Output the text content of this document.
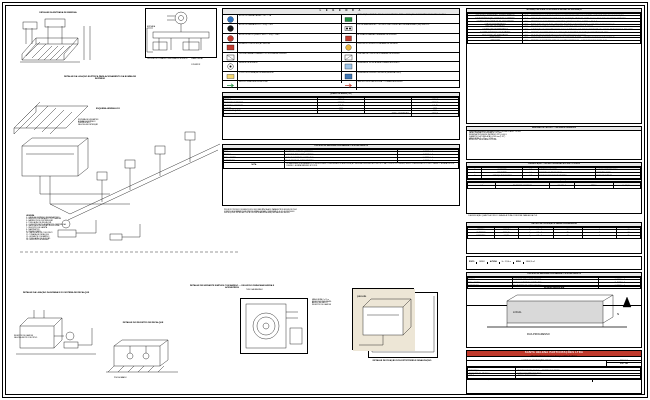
DETALHE DA ENTRADA DE ENERGIA
ENTRADA
CHAVE GERAL
CONTATOR
CENTRAL DE COMANDO DA BOMBA DE INCÊNDIO
DETALHE DA LIGAÇÃO ELÉTRICA PARA ACIONAMENTO DA BOMBA DE INCÊNDIO
ESQUEMA HIDRÁULICO
SISTEMA DE HIDRANTES
BOMBA DE INCÊNDIO
PRESSOSTATO
VÁLVULA DE RETENÇÃO
LEGENDA
1 - CAIXA DE INCÊNDIO (RESERVATÓRIO)
2 - REGISTRO DE PARALELO TIPO GAVETA
3 - BARRILETE DE DISTRIBUIÇÃO
4 - TUBULAÇÃO DE RECALQUE
5 - CONJUNTO MOTO-BOMBA TIPO CENTRÍFUGA
6 - VÁLVULA DE RETENÇÃO HORIZONTAL
7 - REGISTRO DE GAVETA
8 - MANÔMETRO
9 - PRESSOSTATO
10 - VÁLVULA DE PÉ COM CRIVO
11 - TOMADA DE RECALQUE
12 - HIDRANTE COM ABRIGO
13 - TUBULAÇÃO DE SUCÇÃO
14 - REGISTRO DE PASSEIO
DETALHE DA LIGAÇÃO DA BOMBA E DO SISTEMA DE RECALQUE
REGISTRO DE GAVETA
VÁLVULA DE PÉ COM CRIVO
DETALHE DO REGISTRO DE RECALQUE
PISO ACABADO
DETALHE DE HIDRANTE SIMPLES COM ABRIGO — ESGUICHO PARA MANGUEIRA E ACESSÓRIOS
TUBO GALVANIZADO
MANGUEIRA 2 x 15 m
ESGUICHO REGULÁVEL
ABRIGO METÁLICO
REGISTRO DE GAVETA
DETALHE DE FIXAÇÃO DOS EXTINTORES E SINALIZAÇÃO
L E G E N D A
EXTINTOR CARGA D'ÁGUA — 10 L — 2A
EXTINTOR CARGA DE CO2 — 6 Kg — 5B:C
EXTINTOR DE PÓ QUÍMICO SECO — 4 Kg — 20B:C
HIDRANTE COM EXPEDIÇÃO SIMPLES
CENTRAL PARA ACIONAMENTO DO SISTEMA DE INCÊNDIO
SENSOR DE INCÊNDIO
PONTO DE ILUMINAÇÃO DE EMERGÊNCIA
SENTIDO FINAL DA ROTA DE FUGA
SINALIZAÇÃO VERTICAL TIPO BLOCO AUTÔNOMO PARA ILUMINAÇÃO DE EMERGÊNCIA INDICANDO A SAÍDA
LUZ DE EMERGÊNCIA — TIPO BLOCO AUTÔNOMO AUTONOMIA MÍNIMA 1 (UM) MINUTOS
ACIONADOR MANUAL DE ALARME DE INCÊNDIO
DISPOSITIVO SONORO DO ALARME DE INCÊNDIO
CENTRAL DE CONTROLE DO ALARME DE INCÊNDIO
RESERVA DE TÉCNICA PARA COMBATE A INCÊNDIO
RESERVA DE INCÊNDIO SUPERIOR (RESERVATÓRIO)
SENTIDO DE ROTAS DE FUGA — COMBATE A INCÊNDIO
QUADRO DE ÁREAS ( m2 )
PAVIMENTO	ÁREA CONSTR.	ÁREA COMPUT.	ÁREA TOTAL
TÉRREO	1.980,75	—	1.980,75
PAVIMENTO SUPERIOR	2.364,70	—	2.364,70
MEZANINO / DEPÓSITO	144,72	—	144,72
GUARITA	48,74	—	48,74
CASA DE MÁQUINAS	26,80	—	26,80
TOTAL CONSTRUÍDO			3.806,11
CONTROLE DE MATERIAIS DE ACABAMENTO E REVESTIMENTOS
LOCAL	MATERIAL	CLASSE
PISO	CERÂMICA / CIMENTO QUEIMADO	CLASSE I - A
PAREDE	ALVENARIA REBOCADA E PINTADA	CLASSE I - A
TETO / FORRO	LAJE DE CONCRETO / FORRO PVC	CLASSE II - A
COBERTURA	TELHA METÁLICA / FIBROCIMENTO	CLASSE I - A
NOTA:	OS MATERIAIS DE ACABAMENTO E REVESTIMENTO EMPREGADOS NA EDIFICAÇÃO DEVERÃO ATENDER AO DISPOSTO NA IT-10/2019 DO CBMMG, SENDO CLASSIFICADOS COMO CLASSE II - A PARA PISOS E CLASSE I - A PARA PAREDES E TETOS.	
PROJETO TÉCNICO DESENVOLVIDO EM OBEDIÊNCIA AOS PARÂMETROS EXIGIDOS PELO
CORPO DE BOMBEIROS MILITAR DE MINAS GERAIS CONFORME D. E. Nº 44.270/2006 E
INSTRUÇÕES TÉCNICAS IT-01 A IT-42 EM SUAS ATUALIZAÇÕES MAIS RECENTES.
parede
INFORMAÇÕES SOBRE OS SISTEMAS E MEDIDAS DE SEGURANÇA
ACESSO DE VIATURAS NA EDIFICAÇÃO	IT-06 — VIA DE ACESSO EXISTENTE COM LARGURA MÍNIMA DE 6,00 m E ALTURA LIVRE 4,50 m
SEGURANÇA ESTRUTURAL CONTRA INCÊNDIO	IT-07 — ESTRUTURA DE CONCRETO ARMADO E ESTRUTURA METÁLICA COM TRRF CONFORME ÁREA "X" DA EDIFICAÇÃO
COMPARTIMENTAÇÃO HORIZONTAL E VERTICAL	IT-08 — EDIFICAÇÃO ISENTA CONFORME ÁREA E OCUPAÇÃO. PAREDES CORTA-FOGO E SELAGEM DOS SHAFTS VERTICAIS
CONTROLE DE MATERIAIS DE ACABAMENTO	IT-10 — MATERIAIS DE ACABAMENTO CONFORME QUADRO AO LADO. CLASSE I - A E II - A
SAÍDAS DE EMERGÊNCIA	IT-12 — POPULAÇÃO CALCULADA E LARGURA DAS SAÍDAS CONFORME TABELA. UNIDADE DE PASSAGEM 0,55 m
BRIGADA DE INCÊNDIO	IT-12 — BRIGADA DE INCÊNDIO DIMENSIONADA CONFORME NBR 14276 E IT-12/2017
ILUMINAÇÃO DE EMERGÊNCIA	IT-13 — ILUMINAÇÃO DE EMERGÊNCIA TIPO BLOCO AUTÔNOMO COM AUTONOMIA MÍNIMA DE 1 HORA E ATENDIMENTO À NBR 10898
ALARME E DETECÇÃO DE INCÊNDIO	IT-15 — SISTEMA DE ALARME MANUAL E DETECÇÃO AUTOMÁTICA DE FUMAÇA CONFORME NBR 17240
SINALIZAÇÃO DE EMERGÊNCIA	IT-15 — SINALIZAÇÃO DE EMERGÊNCIA CONFORME NBR 13434 E IT-15/2019
EXTINTORES	IT-16 — EXTINTORES PORTÁTEIS DISTRIBUÍDOS CONFORME PLANTA — DISTÂNCIA MÁXIMA A PERCORRER 20 m
HIDRANTES	IT-17 — SISTEMA DE HIDRANTES SIMPLES COM MANGUEIRA DE 30 m E ESGUICHO REGULÁVEL Ø 13 mm
MEMORIAL DE CÁLCULO — SISTEMA DE HIDRANTES
PRESSÃO MÍNIMA NO HIDRANTE MAIS DESFAVORÁVEL: 10 mca
VAZÃO MÍNIMA POR HIDRANTE: 70 L/min
RESERVA TÉCNICA DE INCÊNDIO (RTI): 6.000 L
DIÂMETRO DA TUBULAÇÃO: Ø 63 mm (2.1/2")
MANGUEIRA: 2 x 15 m — Ø 40 mm
ESGUICHO: REGULÁVEL Ø 13 mm
CLASSIFICAÇÃO — DECRETO ESTADUAL 44.270/06 e IT-01/2019
GRUPO	OCUPAÇÃO	DIVISÃO	DESCRIÇÃO	EXEMPLOS
C	COMERCIAL	C-2	COMÉRCIO EM GERAL	LOJA DE DEPARTAMENTO
I	INDUSTRIAL	I-1	DEPÓSITO DE BAIXO RISCO	ARMAZÉM GERAL
G	SERVIÇO AUTOMOTIVO	G-1	GARAGEM SEM ABASTECIMENTO	ESTACIONAMENTO
CARGA DE INCÊNDIO ( IT-14 )
OCUPAÇÃO	USO	CARGA	GRAU DE RISCO	ALTURA
C-2	INDÚSTRIA / DEPÓSITO	600 MJ/m2	MÉDIO	H < 12,00 m
CLASSIFICAÇÃO QUANTO AO RISCO / ÁREA E ALTURA CONFORME TABELAS DA IT-01
CÁLCULO DE POPULAÇÃO E SAÍDAS DE EMERGÊNCIA
PAVIMENTO	ÁREA (m2)	COEFICIENTE	POPULAÇÃO	UN. PASSAGEM	Nº SAÍDAS
TÉRREO	1.980,75	1 pessoa / 30 m2	66	2	02
SUPERIOR	2.364,70	1 pessoa / 30 m2	79	2	02
MEZANINO	144,72	1 pessoa / 30 m2	05	1	01
RISCO	MÉDIO	ALTURA	H < 12,00 m	ÁREA	3.806,11 m2
CONTROLE DE MATERIAIS DE ACABAMENTO E REVESTIMENTOS
PISO	CERÂMICA / CIMENTO QUEIMADO	CLASSE I - A
PAREDE	ALVENARIA REBOCADA E PINTADA	CLASSE I - A
TETO / FORRO	LAJE DE CONCRETO / FORRO PVC	CLASSE II - A
COBERTURA	TELHA METÁLICA / FIBROCIMENTO	CLASSE I - A
SITUAÇÃO SEM ESCALA
N
RUA PROGRESSO
LOCAL
SANTA HELENA PARTICIPAÇÕES LTDA
PROJETO TÉCNICO DE SEGURANÇA CONTRA INCÊNDIO
LEGENDA E INFORMAÇÕES GERAIS	PRANCHA
01 / 02
PROPRIETÁRIO / RAZÃO SOCIAL	SANTA HELENA PARTICIPAÇÕES LTDA
ENDEREÇO	RUA PROGRESSO, Nº 1500 — DISTRITO INDUSTRIAL
RESPONSÁVEL TÉCNICO	MARCOS ANTÔNIO ANDRADE
CREA	ART Nº 14202100000000
SEM ESCALA - ABR 2.963,72 00 1607/887.15	JUNHO / 2021
